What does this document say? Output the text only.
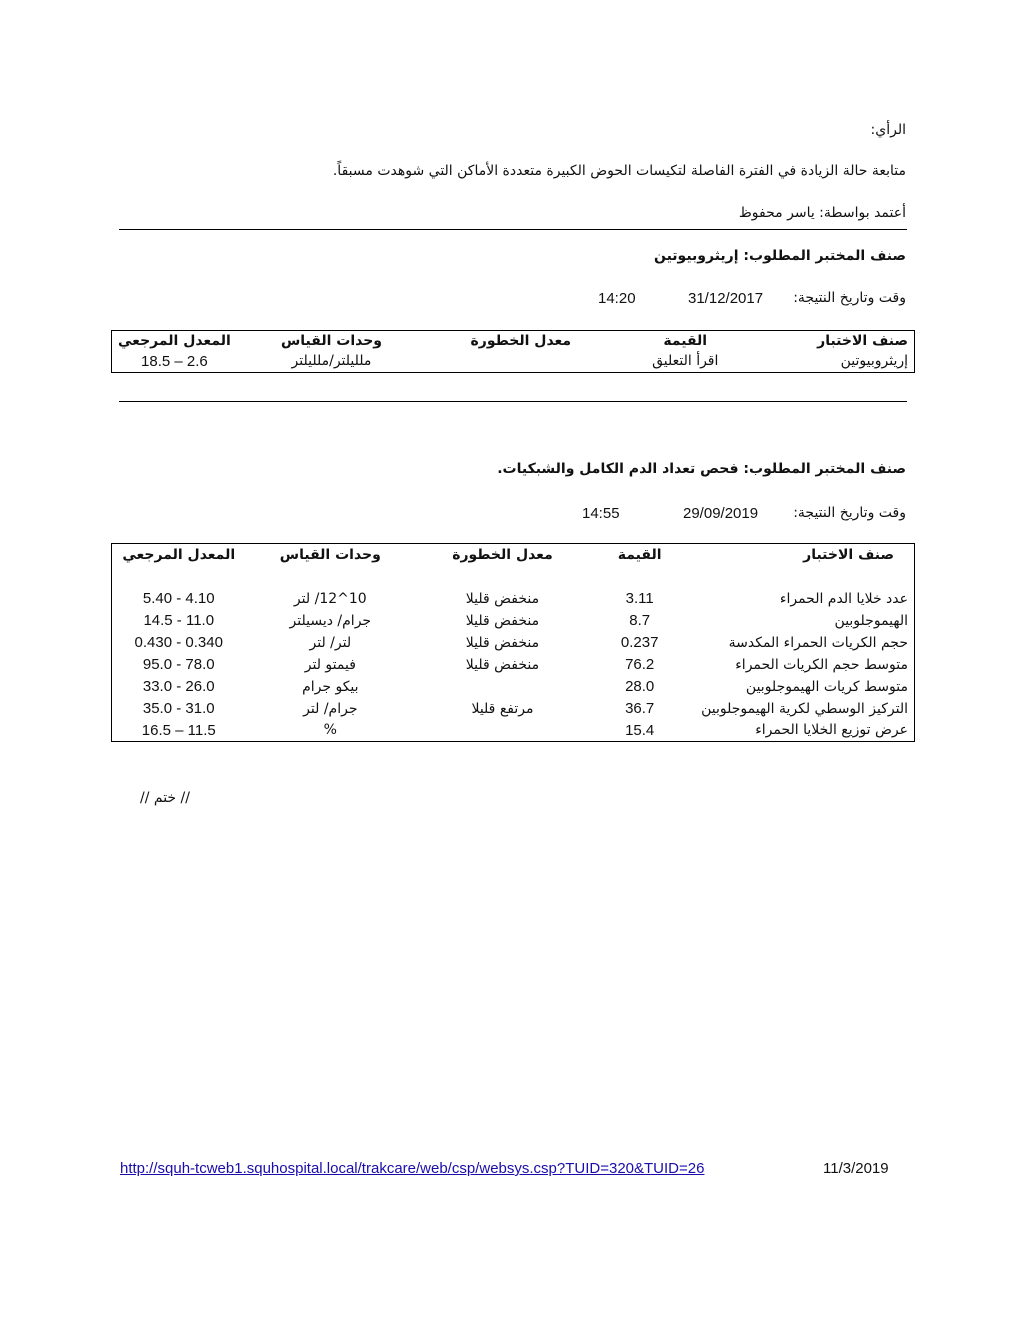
الرأي:
متابعة حالة الزيادة في الفترة الفاصلة لتكيسات الحوض الكبيرة متعددة الأماكن التي شوهدت مسبقاً.
أعتمد بواسطة: ياسر محفوظ
صنف المختبر المطلوب: إريثروبيوتين
وقت وتاريخ النتيجة:
31/12/2017
14:20
صنف الاختبار	القيمة	معدل الخطورة	وحدات القياس	المعدل المرجعي
إريثروبيوتين	اقرأ التعليق		ملليلتر/ملليلتر	18.5 – 2.6
صنف المختبر المطلوب: فحص تعداد الدم الكامل والشبكيات.
وقت وتاريخ النتيجة:
29/09/2019
14:55
صنف الاختبار	القيمة	معدل الخطورة	وحدات القياس	المعدل المرجعي

عدد خلايا الدم الحمراء	3.11	منخفض قليلا	10^12/ لتر	5.40 - 4.10
الهيموجلوبين	8.7	منخفض قليلا	جرام/ ديسيلتر	14.5 - 11.0
حجم الكريات الحمراء المكدسة	0.237	منخفض قليلا	لتر/ لتر	0.430 - 0.340
متوسط حجم الكريات الحمراء	76.2	منخفض قليلا	فيمتو لتر	95.0 - 78.0
متوسط كريات الهيموجلوبين	28.0		بيكو جرام	33.0 - 26.0
التركيز الوسطي لكرية الهيموجلوبين	36.7	مرتفع قليلا	جرام/ لتر	35.0 - 31.0
عرض توزيع الخلايا الحمراء	15.4		%	16.5 – 11.5
// ختم //
http://squh-tcweb1.squhospital.local/trakcare/web/csp/websys.csp?TUID=320&TUID=26	11/3/2019
